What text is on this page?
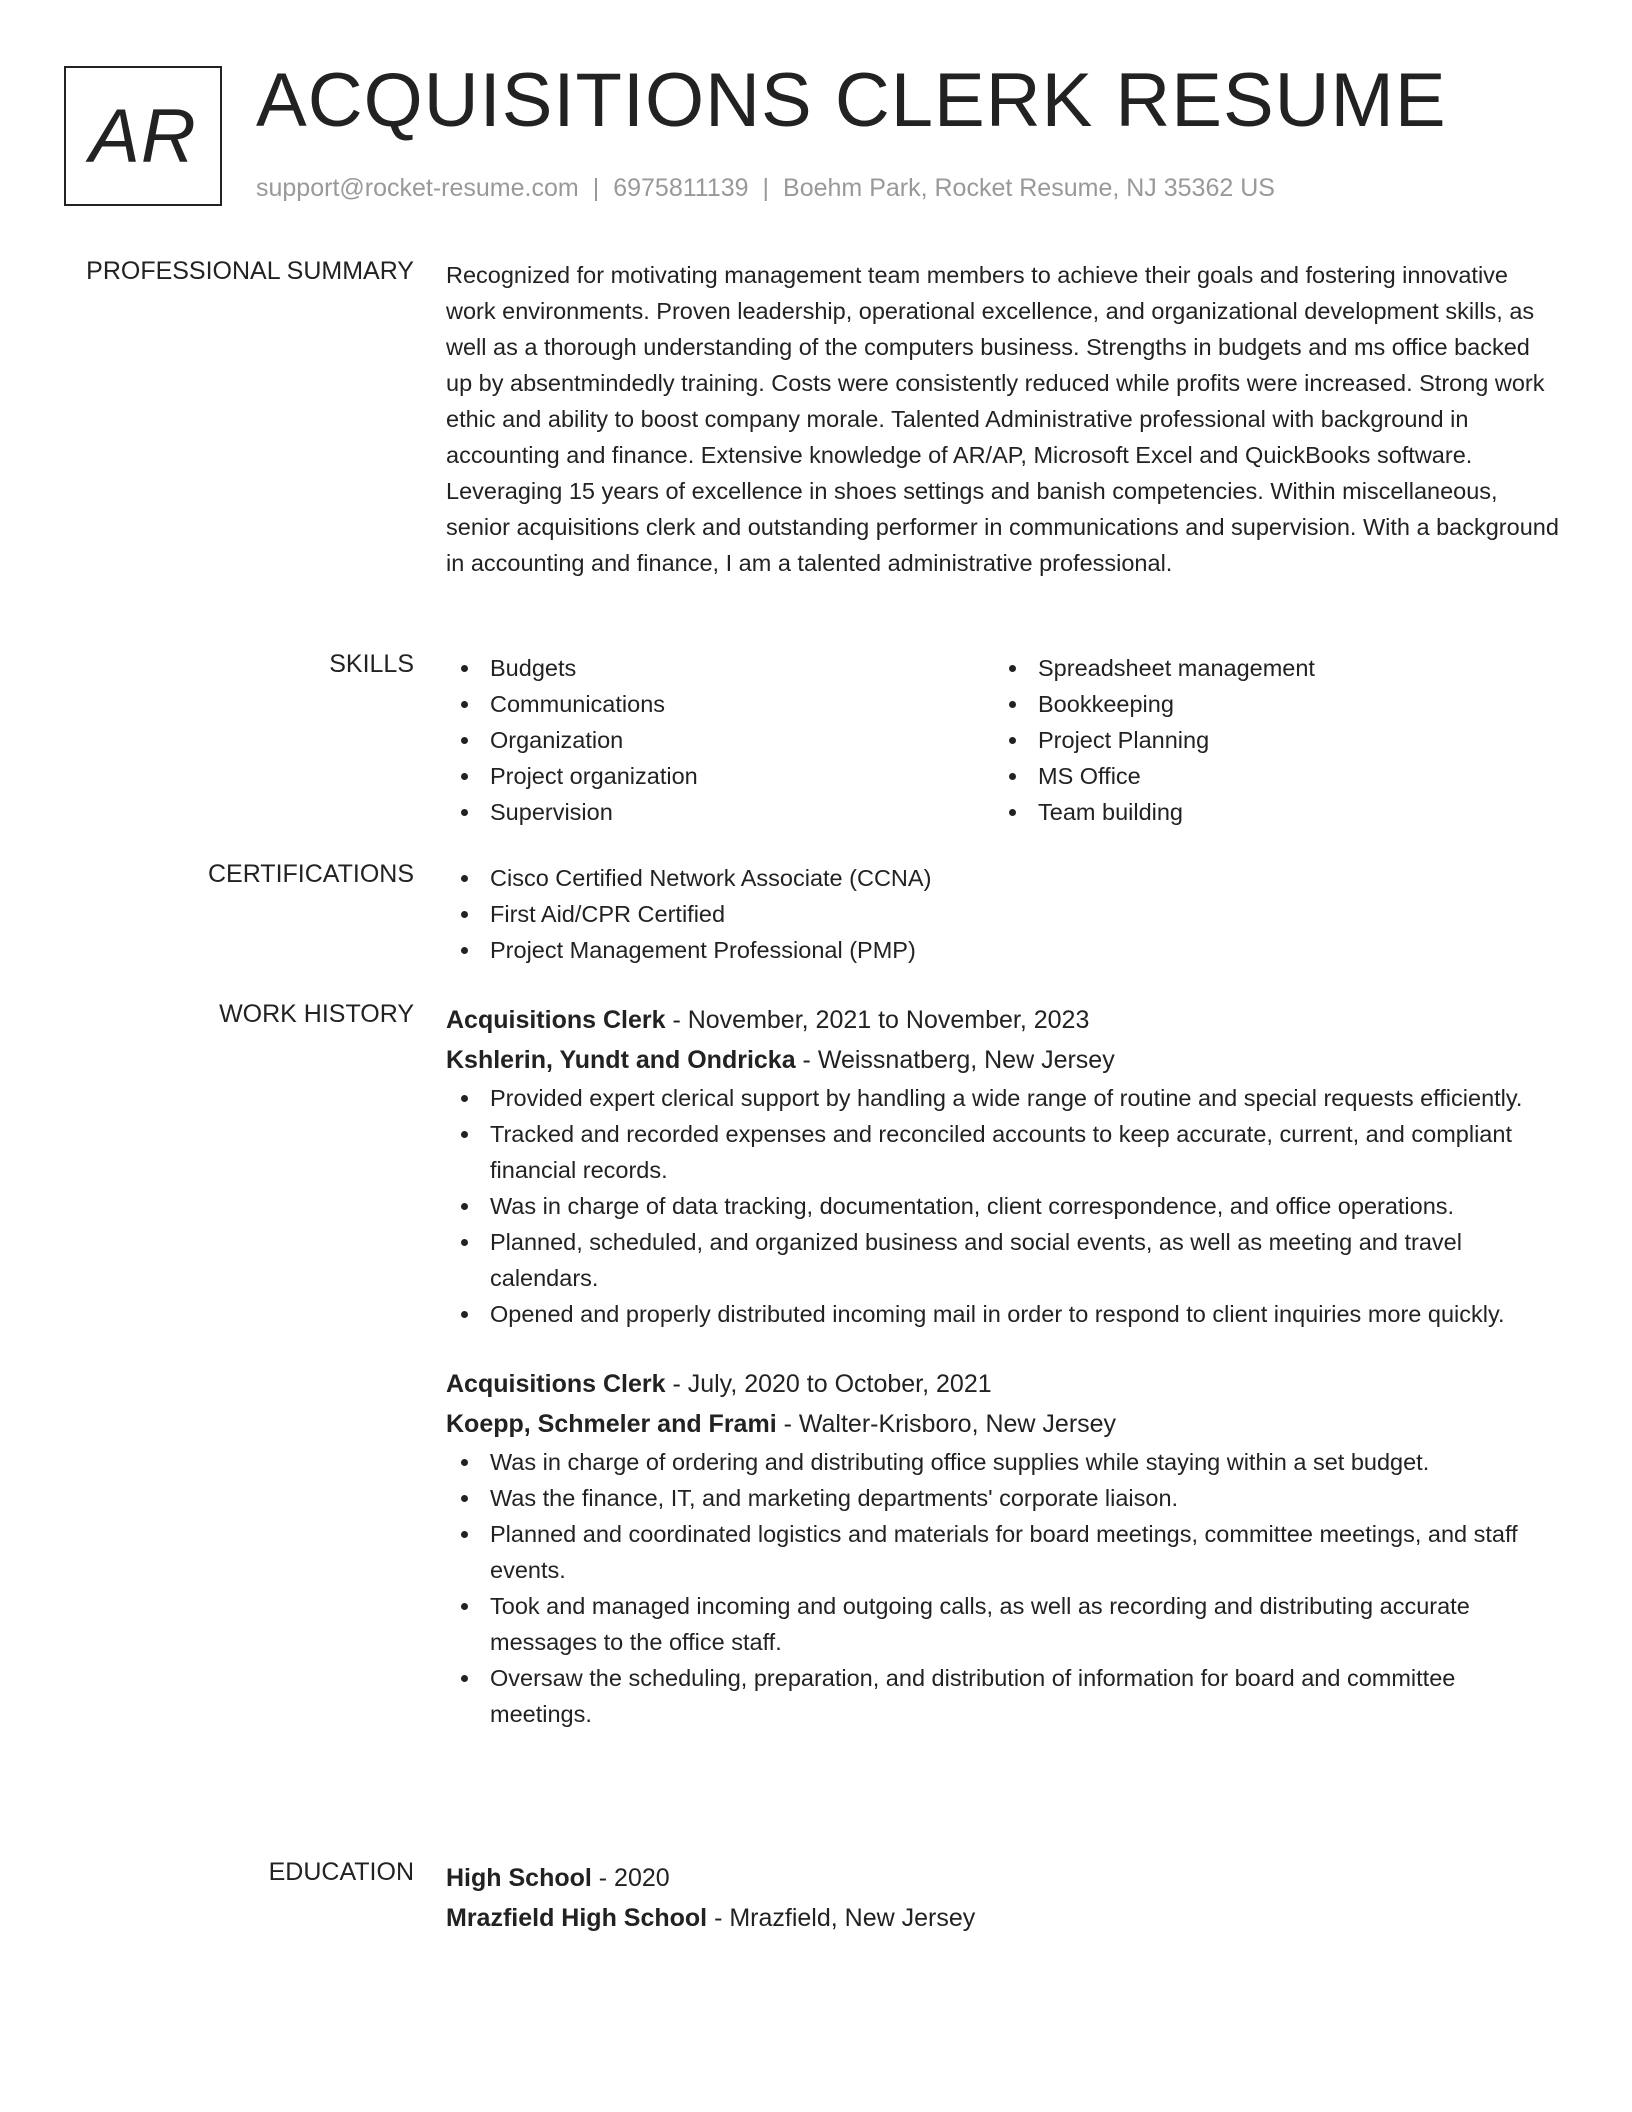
AR ACQUISITIONS CLERK RESUME
support@rocket-resume.com | 6975811139 | Boehm Park, Rocket Resume, NJ 35362 US
PROFESSIONAL SUMMARY Recognized for motivating management team members to achieve their goals and fostering innovative work environments. Proven leadership, operational excellence, and organizational development skills, as well as a thorough understanding of the computers business. Strengths in budgets and ms office backed up by absentmindedly training. Costs were consistently reduced while profits were increased. Strong work ethic and ability to boost company morale. Talented Administrative professional with background in accounting and finance. Extensive knowledge of AR/AP, Microsoft Excel and QuickBooks software. Leveraging 15 years of excellence in shoes settings and banish competencies. Within miscellaneous, senior acquisitions clerk and outstanding performer in communications and supervision. With a background in accounting and finance, I am a talented administrative professional.

SKILLS	Budgets
Communications
Organization
Project organization
Supervision
Spreadsheet management
Bookkeeping
Project Planning
MS Office
Team building
CERTIFICATIONS	Cisco Certified Network Associate (CCNA)
First Aid/CPR Certified
Project Management Professional (PMP)
WORK HISTORY Acquisitions Clerk - November, 2021 to November, 2023
Kshlerin, Yundt and Ondricka - Weissnatberg, New Jersey
Provided expert clerical support by handling a wide range of routine and special requests efficiently.
Tracked and recorded expenses and reconciled accounts to keep accurate, current, and compliant financial records.
Was in charge of data tracking, documentation, client correspondence, and office operations.
Planned, scheduled, and organized business and social events, as well as meeting and travel calendars.
Opened and properly distributed incoming mail in order to respond to client inquiries more quickly.
Acquisitions Clerk - July, 2020 to October, 2021
Koepp, Schmeler and Frami - Walter-Krisboro, New Jersey
Was in charge of ordering and distributing office supplies while staying within a set budget.
Was the finance, IT, and marketing departments' corporate liaison.
Planned and coordinated logistics and materials for board meetings, committee meetings, and staff events.
Took and managed incoming and outgoing calls, as well as recording and distributing accurate messages to the office staff.
Oversaw the scheduling, preparation, and distribution of information for board and committee meetings.
EDUCATION High School - 2020
Mrazfield High School - Mrazfield, New Jersey
